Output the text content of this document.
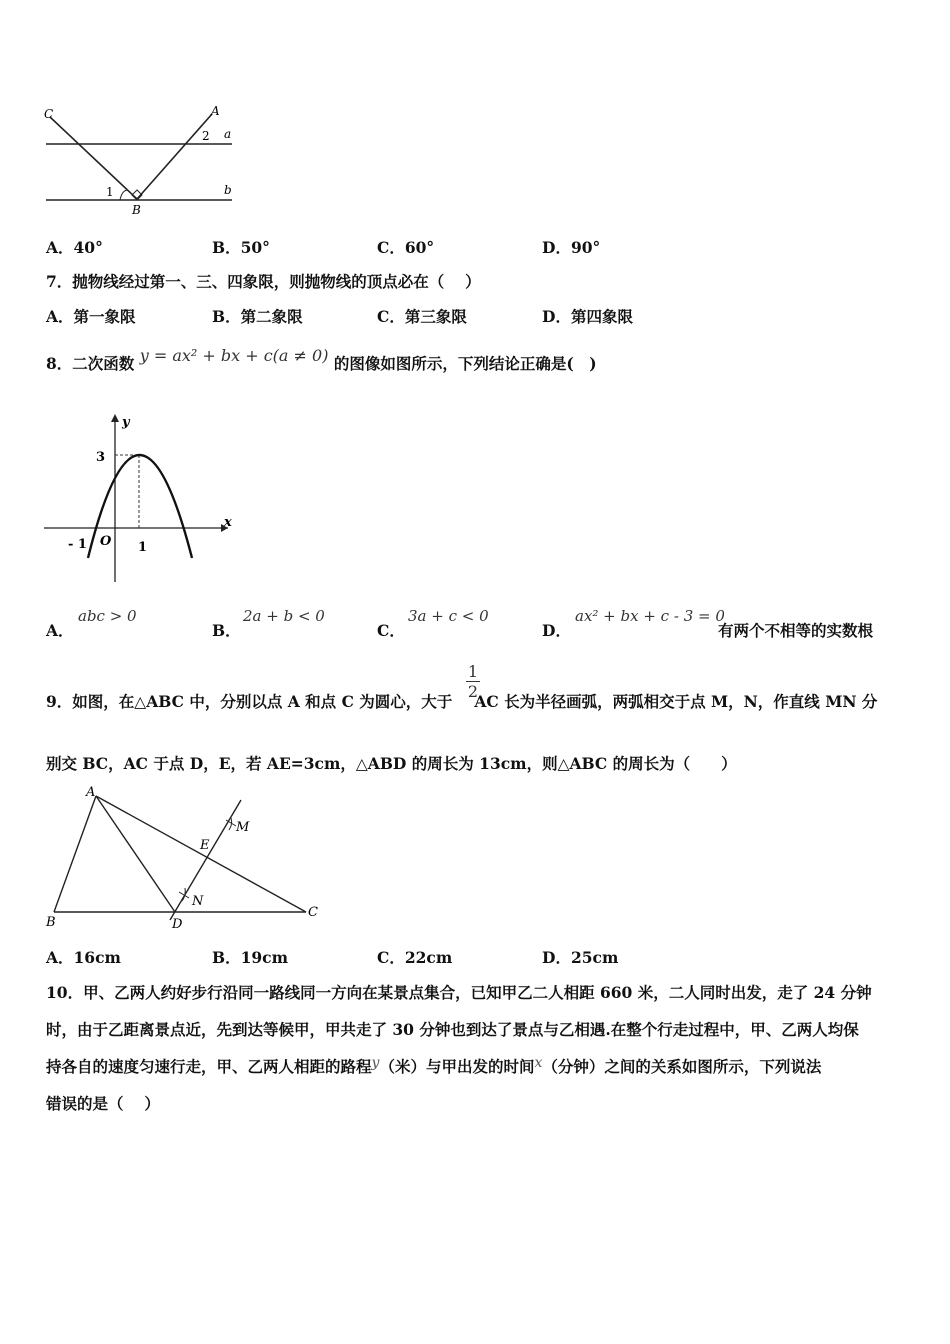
C	A
2 a
1	b
B
A．40°	B．50°	C．60°	D．90°
7．抛物线经过第一、三、四象限，则抛物线的顶点必在（　 ）
A．第一象限	B．第二象限	C．第三象限	D．第四象限
8．二次函数 y = ax² + bx + c(a ≠ 0) 的图像如图所示，下列结论正确是(　)
y
x
3
- 1 O 1
A．
abc > 0
B．
2a + b < 0
C．
3a + c < 0
D．
ax² + bx + c - 3 = 0
有两个不相等的实数根
1
2
9．如图，在△ABC 中，分别以点 A 和点 C 为圆心，大于 AC 长为半径画弧，两弧相交于点 M，N，作直线 MN 分
别交 BC，AC 于点 D，E，若 AE=3cm，△ABD 的周长为 13cm，则△ABC 的周长为（　　）
A
B
C
D
E
M
N
A．16cm	B．19cm	C．22cm	D．25cm
10．甲、乙两人约好步行沿同一路线同一方向在某景点集合，已知甲乙二人相距 660 米，二人同时出发，走了 24 分钟
时，由于乙距离景点近，先到达等候甲，甲共走了 30 分钟也到达了景点与乙相遇.在整个行走过程中，甲、乙两人均保
持各自的速度匀速行走，甲、乙两人相距的路程y（米）与甲出发的时间x（分钟）之间的关系如图所示，下列说法
错误的是（　 ）
